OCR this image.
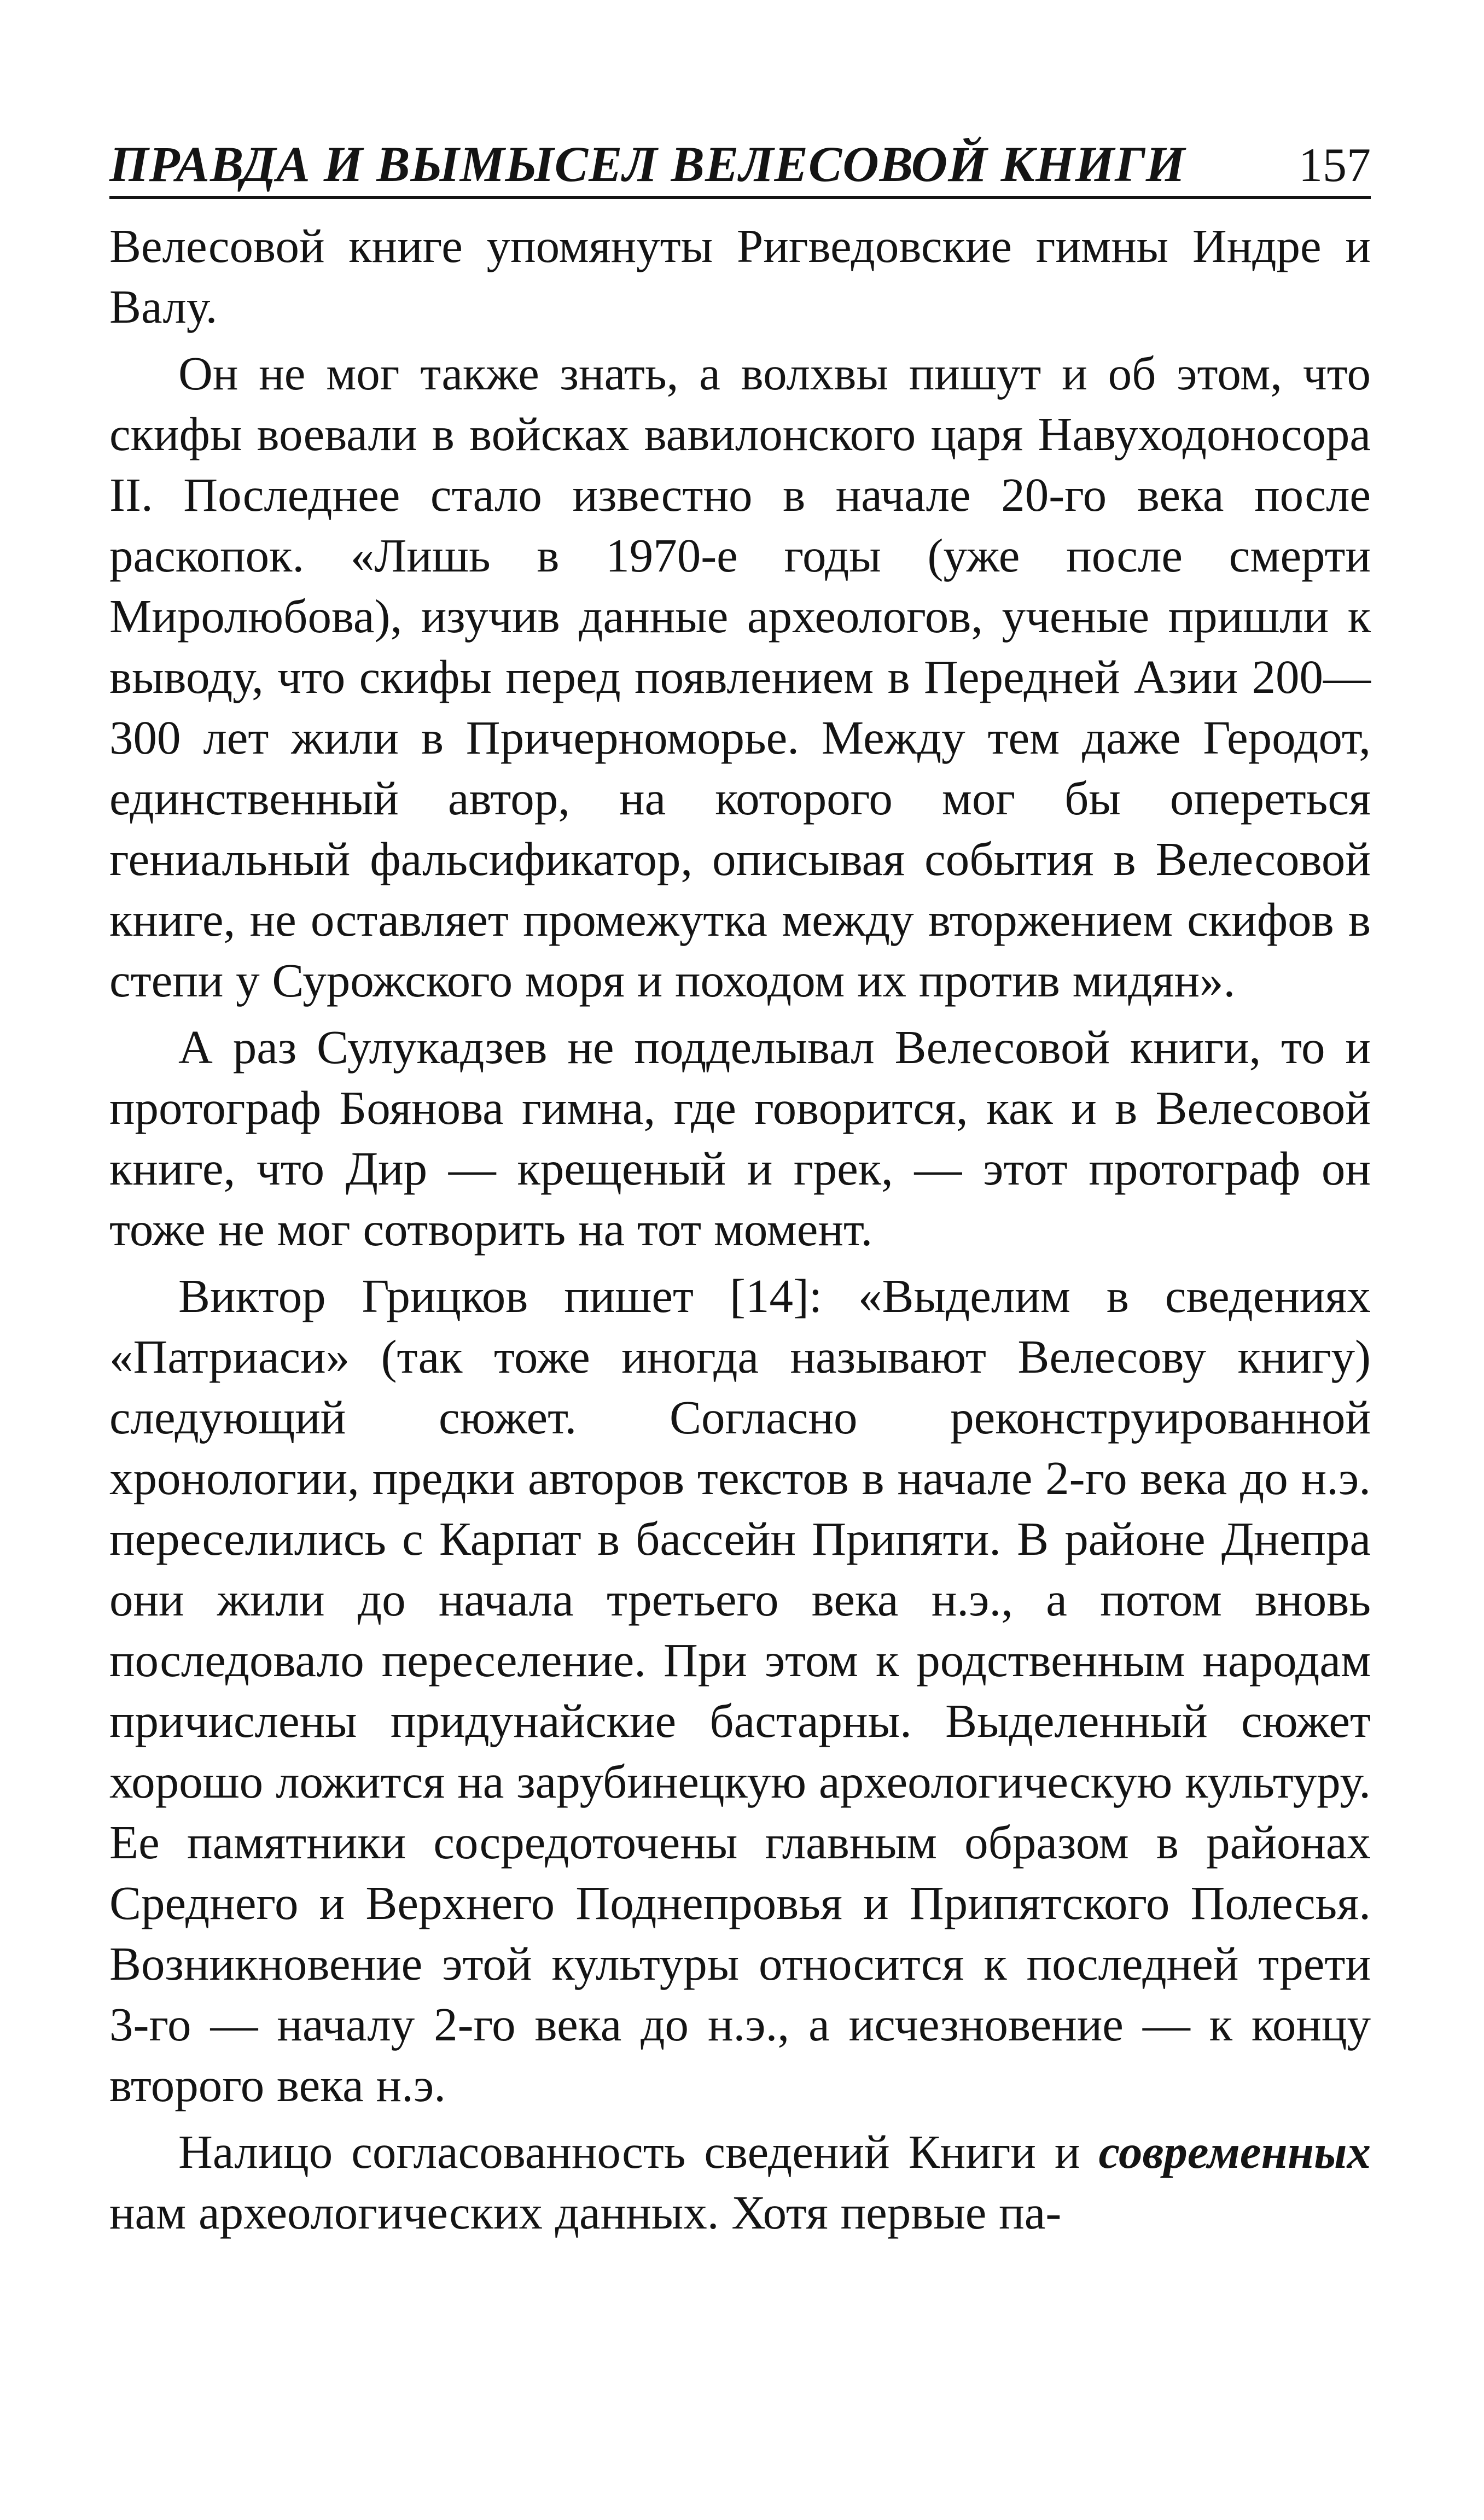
ПРАВДА И ВЫМЫСЕЛ ВЕЛЕСОВОЙ КНИГИ 157

Велесовой книге упомянуты Ригведовские гимны Индре и Валу.

Он не мог также знать, а волхвы пишут и об этом, что скифы воевали в войсках вавилонского царя Навуходоносора II. Последнее стало известно в начале 20-го века после раскопок. «Лишь в 1970-е годы (уже после смерти Миролюбова), изучив данные археологов, ученые пришли к выводу, что скифы перед появлением в Передней Азии 200—300 лет жили в Причерноморье. Между тем даже Геродот, единственный автор, на которого мог бы опереться гениальный фальсификатор, описывая события в Велесовой книге, не оставляет промежутка между вторжением скифов в степи у Сурожского моря и походом их против мидян».

А раз Сулукадзев не подделывал Велесовой книги, то и протограф Боянова гимна, где говорится, как и в Велесовой книге, что Дир — крещеный и грек, — этот протограф он тоже не мог сотворить на тот момент.

Виктор Грицков пишет [14]: «Выделим в сведениях «Патриаси» (так тоже иногда называют Велесову книгу) следующий сюжет. Согласно реконструированной хронологии, предки авторов текстов в начале 2-го века до н.э. переселились с Карпат в бассейн Припяти. В районе Днепра они жили до начала третьего века н.э., а потом вновь последовало переселение. При этом к родственным народам причислены придунайские бастарны. Выделенный сюжет хорошо ложится на зарубинецкую археологическую культуру. Ее памятники сосредоточены главным образом в районах Среднего и Верхнего Поднепровья и Припятского Полесья. Возникновение этой культуры относится к последней трети 3-го — началу 2-го века до н.э., а исчезновение — к концу второго века н.э.

Налицо согласованность сведений Книги и современных нам археологических данных. Хотя первые па-
